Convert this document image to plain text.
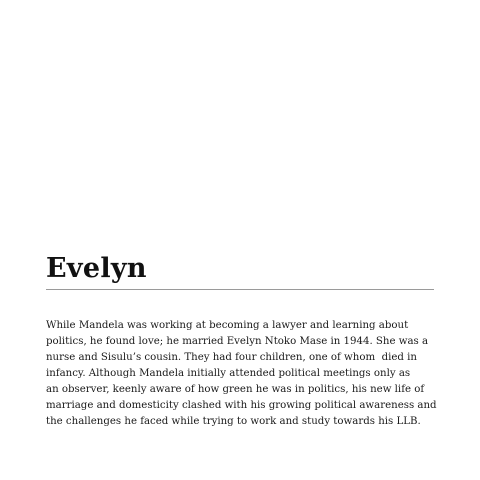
Evelyn

While Mandela was working at becoming a lawyer and learning about
politics, he found love; he married Evelyn Ntoko Mase in 1944. She was a
nurse and Sisulu’s cousin. They had four children, one of whom  died in
infancy. Although Mandela initially attended political meetings only as
an observer, keenly aware of how green he was in politics, his new life of
marriage and domesticity clashed with his growing political awareness and
the challenges he faced while trying to work and study towards his LLB.
